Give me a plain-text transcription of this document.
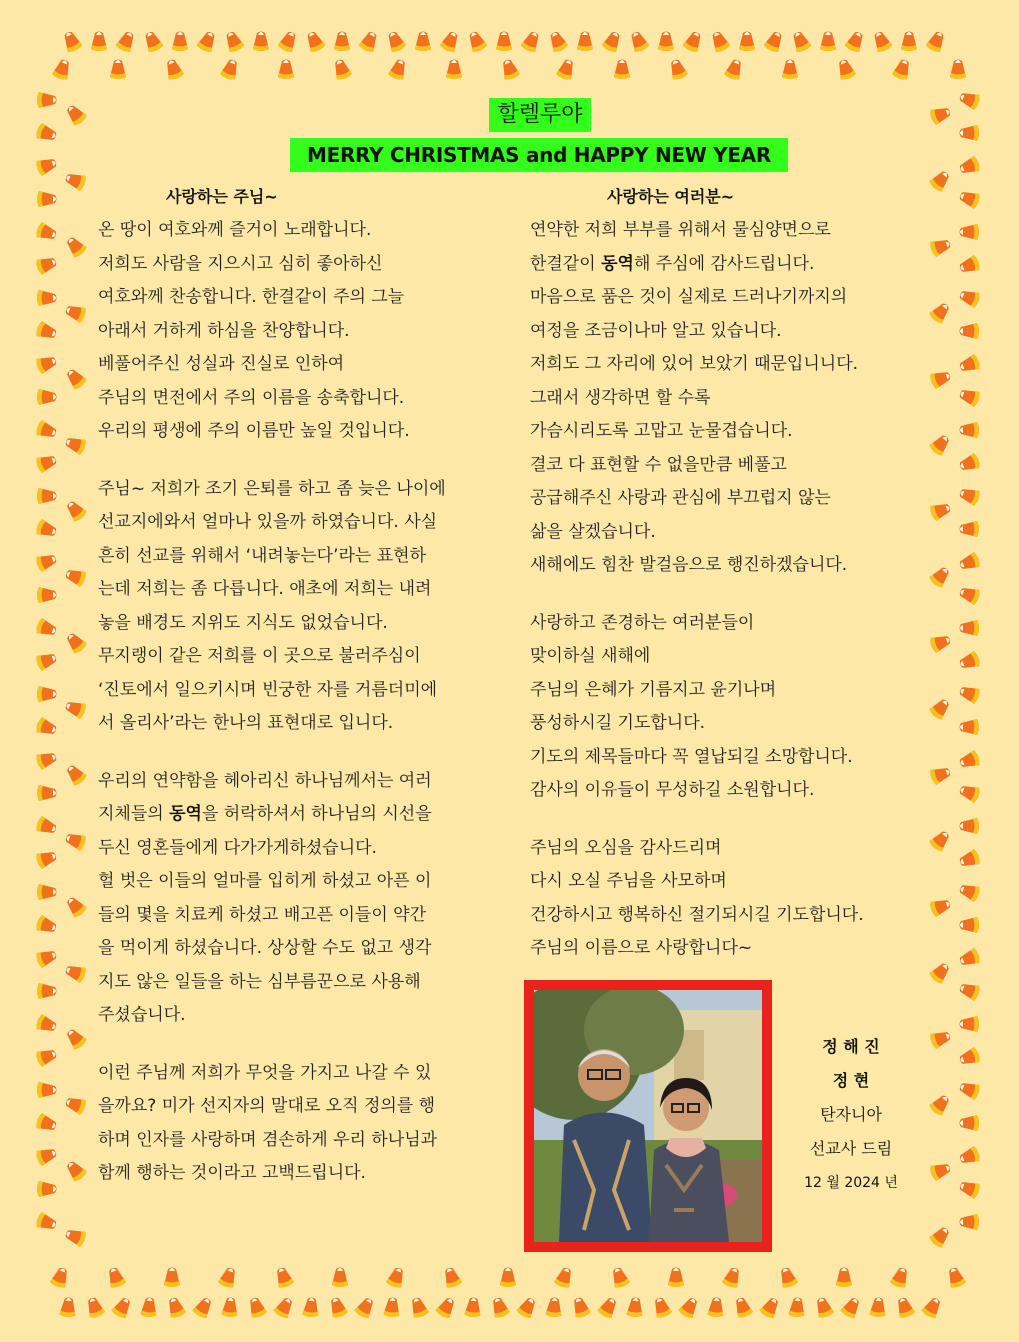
할렐루야
MERRY CHRISTMAS and HAPPY NEW YEAR
사랑하는 주님~	사랑하는 여러분~
온 땅이 여호와께 즐거이 노래합니다.
저희도 사람을 지으시고 심히 좋아하신
여호와께 찬송합니다. 한결같이 주의 그늘
아래서 거하게 하심을 찬양합니다.
베풀어주신 성실과 진실로 인하여
주님의 면전에서 주의 이름을 송축합니다.
우리의 평생에 주의 이름만 높일 것입니다.
주님~ 저희가 조기 은퇴를 하고 좀 늦은 나이에
선교지에와서 얼마나 있을까 하였습니다. 사실
흔히 선교를 위해서 ‘내려놓는다’라는 표현하
는데 저희는 좀 다릅니다. 애초에 저희는 내려
놓을 배경도 지위도 지식도 없었습니다.
무지랭이 같은 저희를 이 곳으로 불러주심이
‘진토에서 일으키시며 빈궁한 자를 거름더미에
서 올리사’라는 한나의 표현대로 입니다.
우리의 연약함을 헤아리신 하나님께서는 여러
지체들의 동역을 허락하셔서 하나님의 시선을
두신 영혼들에게 다가가게하셨습니다.
헐 벗은 이들의 얼마를 입히게 하셨고 아픈 이
들의 몇을 치료케 하셨고 배고픈 이들이 약간
을 먹이게 하셨습니다. 상상할 수도 없고 생각
지도 않은 일들을 하는 심부름꾼으로 사용해
주셨습니다.
이런 주님께 저희가 무엇을 가지고 나갈 수 있
을까요? 미가 선지자의 말대로 오직 정의를 행
하며 인자를 사랑하며 겸손하게 우리 하나님과
함께 행하는 것이라고 고백드립니다.
연약한 저희 부부를 위해서 물심양면으로
한결같이 동역해 주심에 감사드립니다.
마음으로 품은 것이 실제로 드러나기까지의
여정을 조금이나마 알고 있습니다.
저희도 그 자리에 있어 보았기 때문입니니다.
그래서 생각하면 할 수록
가슴시리도록 고맙고 눈물겹습니다.
결코 다 표현할 수 없을만큼 베풀고
공급해주신 사랑과 관심에 부끄럽지 않는
삶을 살겠습니다.
새해에도 힘찬 발걸음으로 행진하겠습니다.
사랑하고 존경하는 여러분들이
맞이하실 새해에
주님의 은혜가 기름지고 윤기나며
풍성하시길 기도합니다.
기도의 제목들마다 꼭 열납되길 소망합니다.
감사의 이유들이 무성하길 소원합니다.
주님의 오심을 감사드리며
다시 오실 주님을 사모하며
건강하시고 행복하신 절기되시길 기도합니다.
주님의 이름으로 사랑합니다~
정 해 진
정 현
탄자니아
선교사 드림
12 월 2024 년
